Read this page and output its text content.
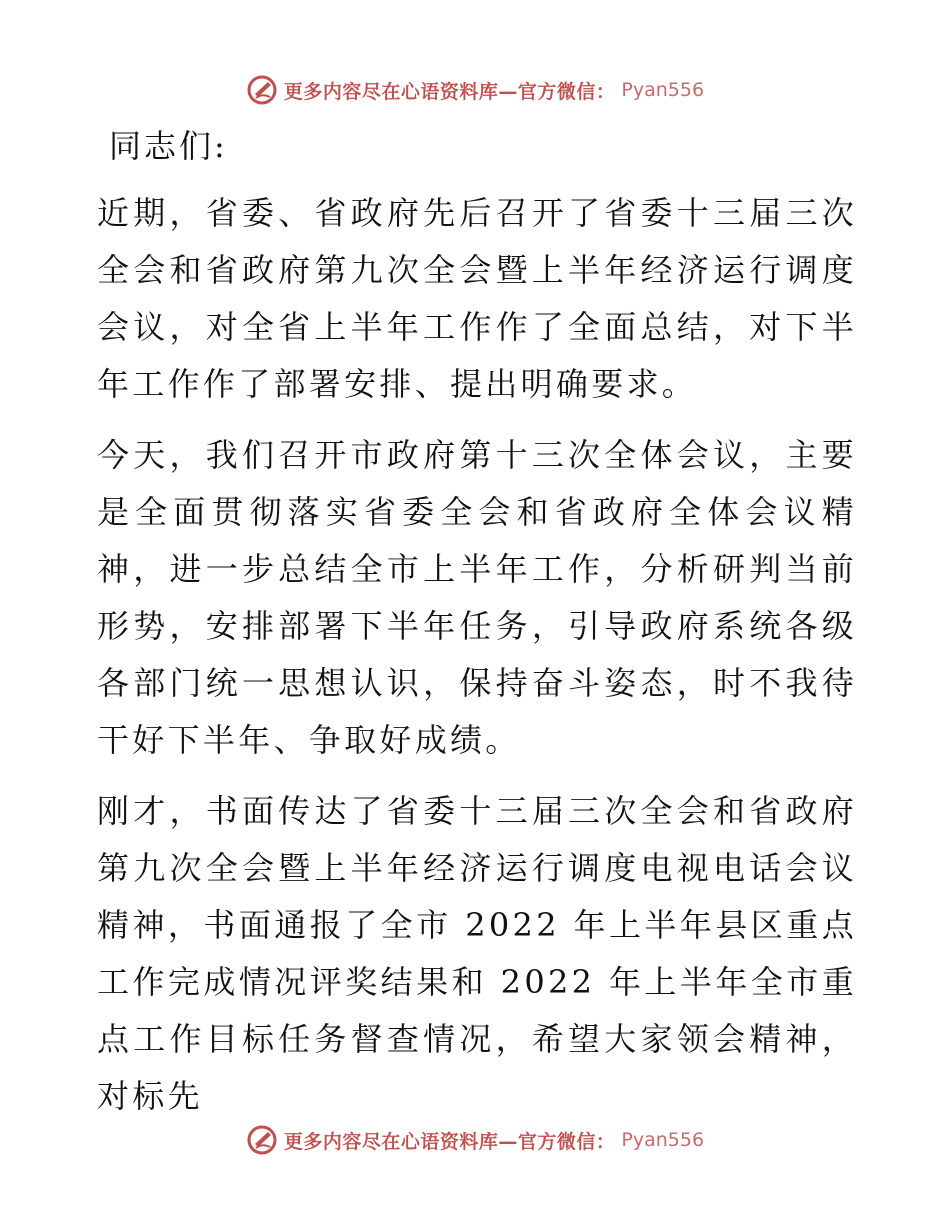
更多内容尽在心语资料库—官方微信： Pyan556

同志们:

近期，省委、省政府先后召开了省委十三届三次全会和省政府第九次全会暨上半年经济运行调度会议，对全省上半年工作作了全面总结，对下半年工作作了部署安排、提出明确要求。

今天，我们召开市政府第十三次全体会议，主要是全面贯彻落实省委全会和省政府全体会议精神，进一步总结全市上半年工作，分析研判当前形势，安排部署下半年任务，引导政府系统各级各部门统一思想认识，保持奋斗姿态，时不我待干好下半年、争取好成绩。

刚才，书面传达了省委十三届三次全会和省政府第九次全会暨上半年经济运行调度电视电话会议精神，书面通报了全市 2022 年上半年县区重点工作完成情况评奖结果和 2022 年上半年全市重点工作目标任务督查情况，希望大家领会精神，对标先

更多内容尽在心语资料库—官方微信： Pyan556
